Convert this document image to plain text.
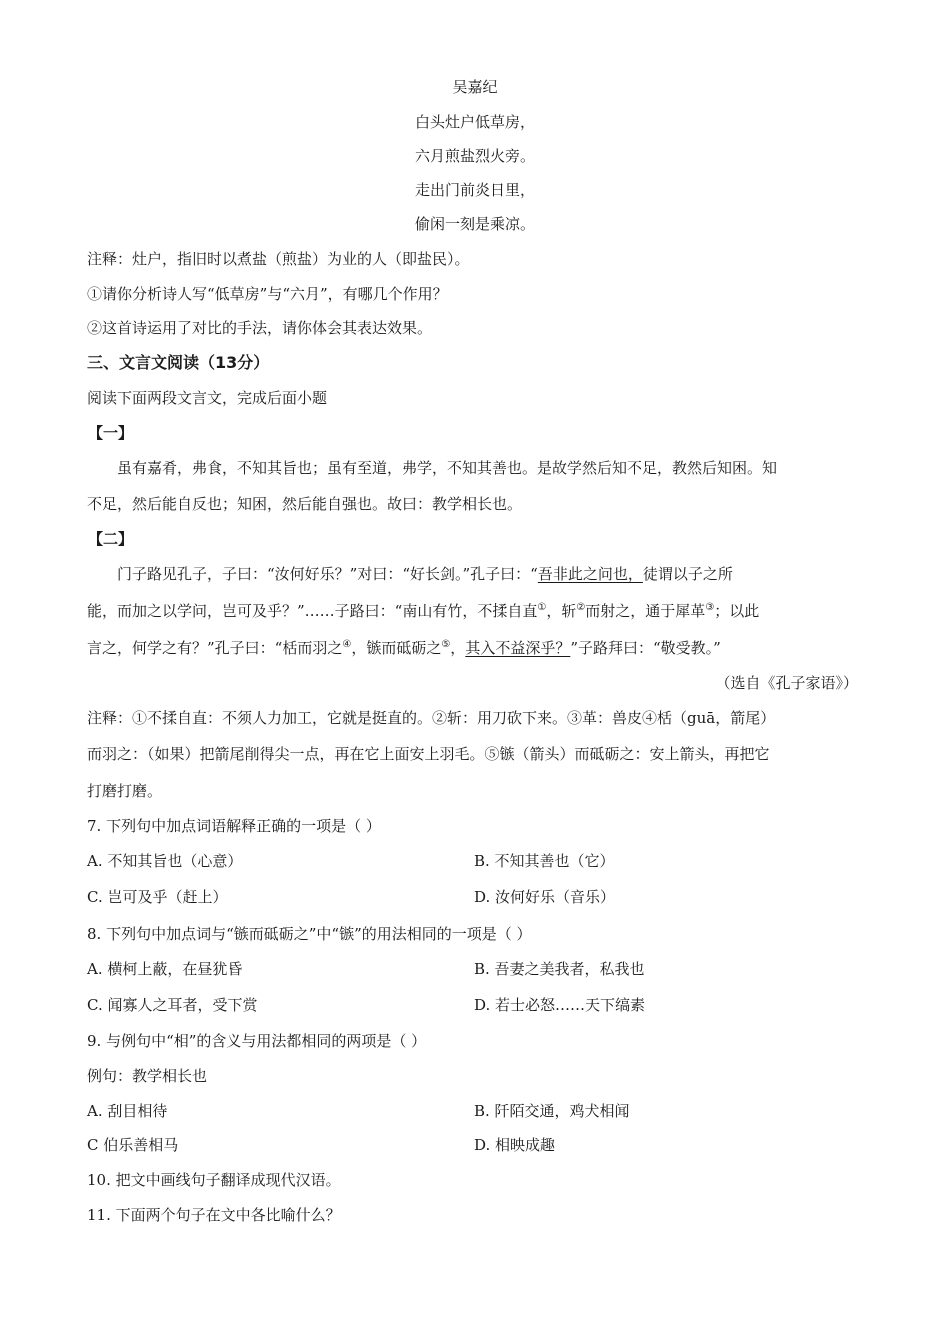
吴嘉纪
白头灶户低草房，
六月煎盐烈火旁。
走出门前炎日里，
偷闲一刻是乘凉。
注释：灶户，指旧时以煮盐（煎盐）为业的人（即盐民）。
①请你分析诗人写“低草房”与“六月”，有哪几个作用？
②这首诗运用了对比的手法，请你体会其表达效果。
三、文言文阅读（13分）
阅读下面两段文言文，完成后面小题
【一】
虽有嘉肴，弗食，不知其旨也；虽有至道，弗学，不知其善也。是故学然后知不足，教然后知困。知
不足，然后能自反也；知困，然后能自强也。故曰：教学相长也。
【二】
门子路见孔子，子曰：“汝何好乐？”对曰：“好长剑。”孔子曰：“吾非此之问也，徒谓以子之所
能，而加之以学问，岂可及乎？”……子路曰：“南山有竹，不揉自直①，斩②而射之，通于犀革③；以此
言之，何学之有？”孔子曰：“栝而羽之④，镞而砥砺之⑤，其入不益深乎？”子路拜曰：“敬受教。”
（选自《孔子家语》）
注释：①不揉自直：不须人力加工，它就是挺直的。②斩：用刀砍下来。③革：兽皮④栝（guā，箭尾）
而羽之：（如果）把箭尾削得尖一点，再在它上面安上羽毛。⑤镞（箭头）而砥砺之：安上箭头，再把它
打磨打磨。
7. 下列句中加点词语解释正确的一项是（ ）
A. 不知其旨也（心意）	B. 不知其善也（它）
C. 岂可及乎（赶上）	D. 汝何好乐（音乐）
8. 下列句中加点词与“镞而砥砺之”中“镞”的用法相同的一项是（ ）
A. 横柯上蔽，在昼犹昏	B. 吾妻之美我者，私我也
C. 闻寡人之耳者，受下赏	D. 若士必怒……天下缟素
9. 与例句中“相”的含义与用法都相同的两项是（ ）
例句：教学相长也
A. 刮目相待	B. 阡陌交通，鸡犬相闻
C 伯乐善相马	D. 相映成趣
10. 把文中画线句子翻译成现代汉语。
11. 下面两个句子在文中各比喻什么？
